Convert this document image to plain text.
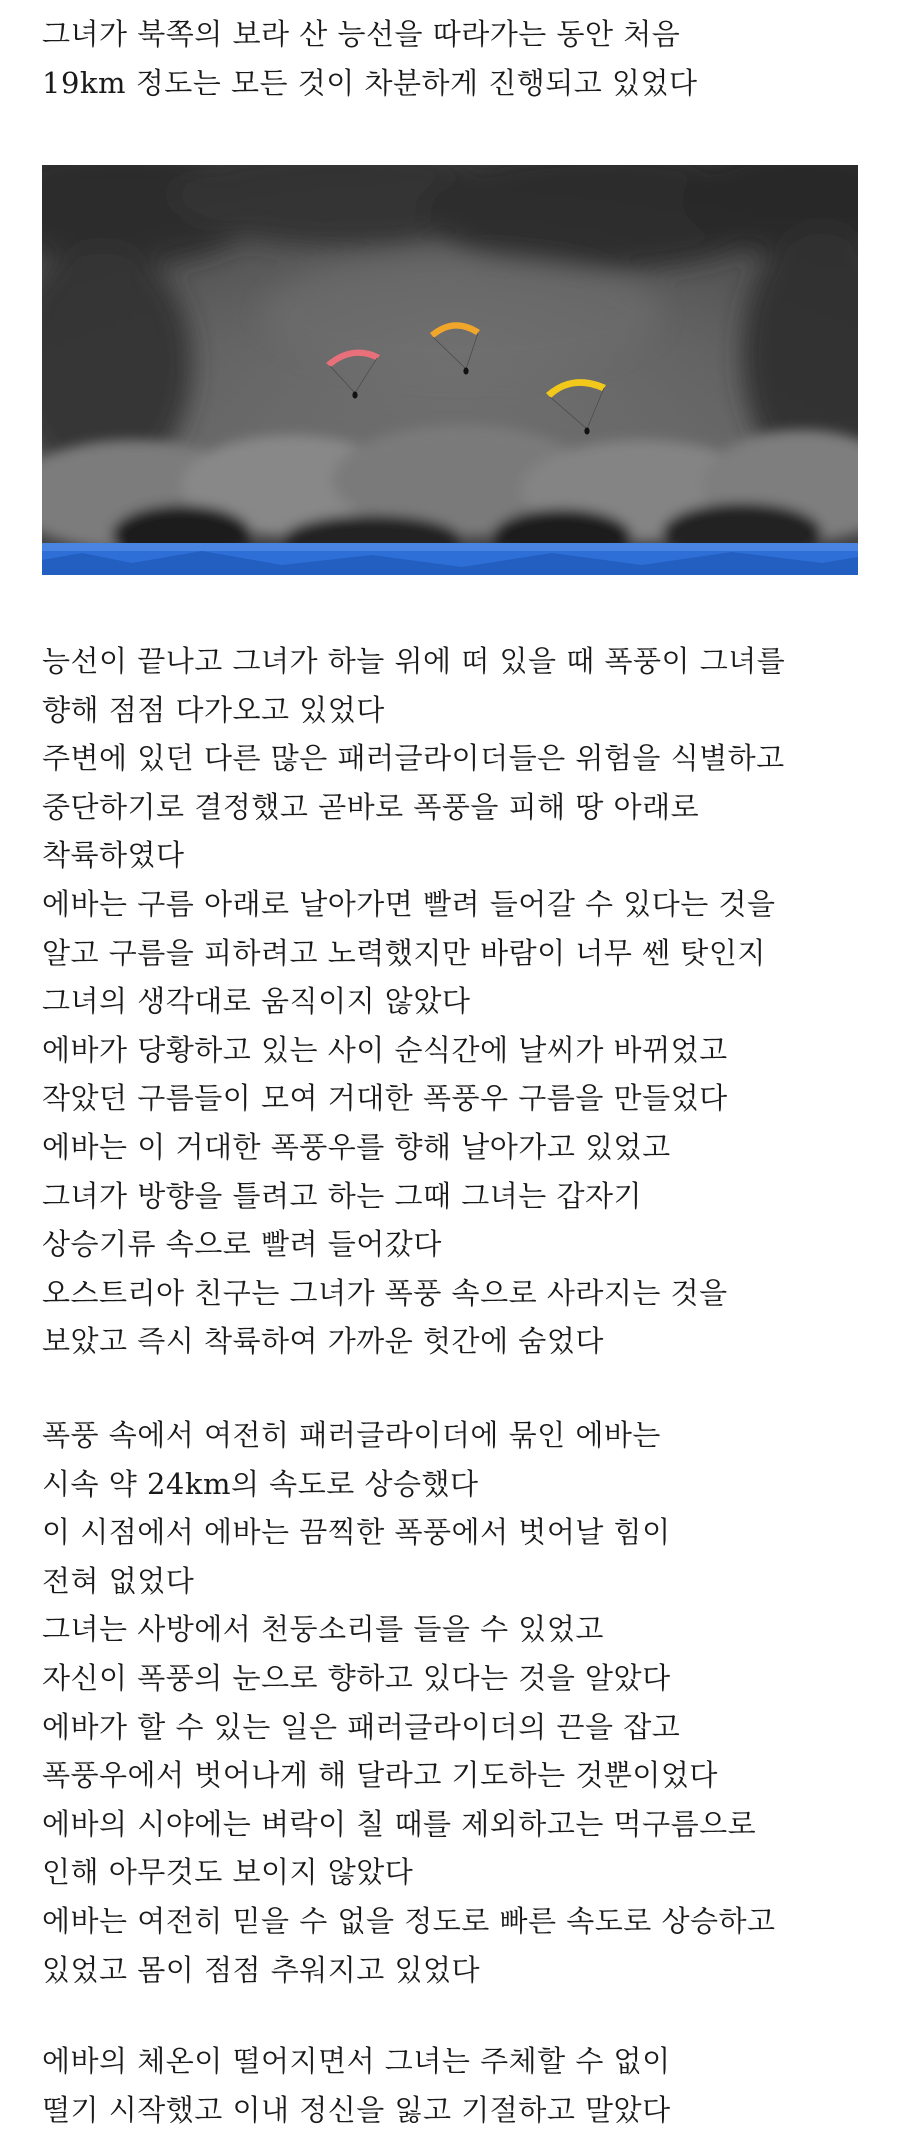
그녀가 북쪽의 보라 산 능선을 따라가는 동안 처음
19km 정도는 모든 것이 차분하게 진행되고 있었다

능선이 끝나고 그녀가 하늘 위에 떠 있을 때 폭풍이 그녀를
향해 점점 다가오고 있었다
주변에 있던 다른 많은 패러글라이더들은 위험을 식별하고
중단하기로 결정했고 곧바로 폭풍을 피해 땅 아래로
착륙하였다
에바는 구름 아래로 날아가면 빨려 들어갈 수 있다는 것을
알고 구름을 피하려고 노력했지만 바람이 너무 쎈 탓인지
그녀의 생각대로 움직이지 않았다
에바가 당황하고 있는 사이 순식간에 날씨가 바뀌었고
작았던 구름들이 모여 거대한 폭풍우 구름을 만들었다
에바는 이 거대한 폭풍우를 향해 날아가고 있었고
그녀가 방향을 틀려고 하는 그때 그녀는 갑자기
상승기류 속으로 빨려 들어갔다
오스트리아 친구는 그녀가 폭풍 속으로 사라지는 것을
보았고 즉시 착륙하여 가까운 헛간에 숨었다

폭풍 속에서 여전히 패러글라이더에 묶인 에바는
시속 약 24km의 속도로 상승했다
이 시점에서 에바는 끔찍한 폭풍에서 벗어날 힘이
전혀 없었다
그녀는 사방에서 천둥소리를 들을 수 있었고
자신이 폭풍의 눈으로 향하고 있다는 것을 알았다
에바가 할 수 있는 일은 패러글라이더의 끈을 잡고
폭풍우에서 벗어나게 해 달라고 기도하는 것뿐이었다
에바의 시야에는 벼락이 칠 때를 제외하고는 먹구름으로
인해 아무것도 보이지 않았다
에바는 여전히 믿을 수 없을 정도로 빠른 속도로 상승하고
있었고 몸이 점점 추워지고 있었다

에바의 체온이 떨어지면서 그녀는 주체할 수 없이
떨기 시작했고 이내 정신을 잃고 기절하고 말았다
